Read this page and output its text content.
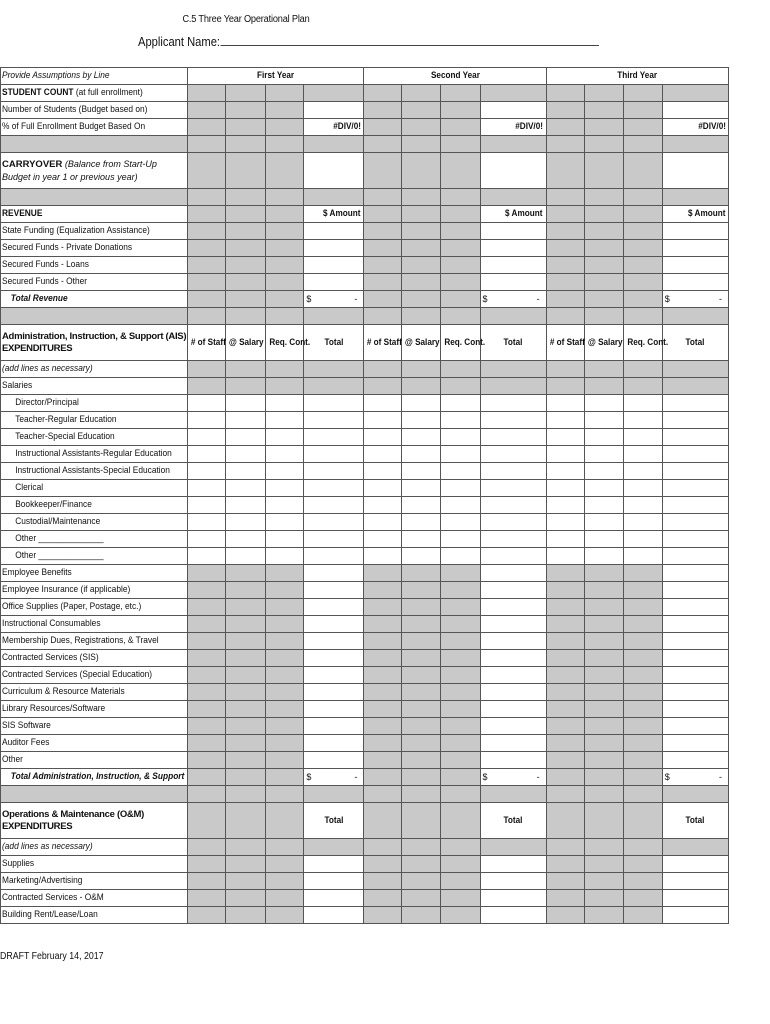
C.5 Three Year Operational Plan
Applicant Name:
Provide Assumptions by Line	First Year				Second Year				Third Year			
STUDENT COUNT (at full enrollment)												
Number of Students (Budget based on)												
% of Full Enrollment Budget Based On				#DIV/0!				#DIV/0!				#DIV/0!

CARRYOVER (Balance from Start-Up Budget in year 1 or previous year)												

REVENUE				$ Amount				$ Amount				$ Amount
State Funding (Equalization Assistance)												
Secured Funds - Private Donations												
Secured Funds - Loans												
Secured Funds - Other												
Total Revenue				$ -				$ -				$ -

Administration, Instruction, & Support (AIS) EXPENDITURES	# of Staff	@ Salary	Req. Cont.	Total	# of Staff	@ Salary	Req. Cont.	Total	# of Staff	@ Salary	Req. Cont.	Total
(add lines as necessary)												
Salaries												
Director/Principal												
Teacher-Regular Education												
Teacher-Special Education												
Instructional Assistants-Regular Education												
Instructional Assistants-Special Education												
Clerical												
Bookkeeper/Finance												
Custodial/Maintenance												
Other ______________												
Other ______________												
Employee Benefits												
Employee Insurance (if applicable)												
Office Supplies (Paper, Postage, etc.)												
Instructional Consumables												
Membership Dues, Registrations, & Travel												
Contracted Services (SIS)												
Contracted Services (Special Education)												
Curriculum & Resource Materials												
Library Resources/Software												
SIS Software												
Auditor Fees												
Other												
Total Administration, Instruction, & Support				$ -				$ -				$ -

Operations & Maintenance (O&M) EXPENDITURES				Total				Total				Total
(add lines as necessary)												
Supplies												
Marketing/Advertising												
Contracted Services - O&M												
Building Rent/Lease/Loan												
DRAFT February 14, 2017
